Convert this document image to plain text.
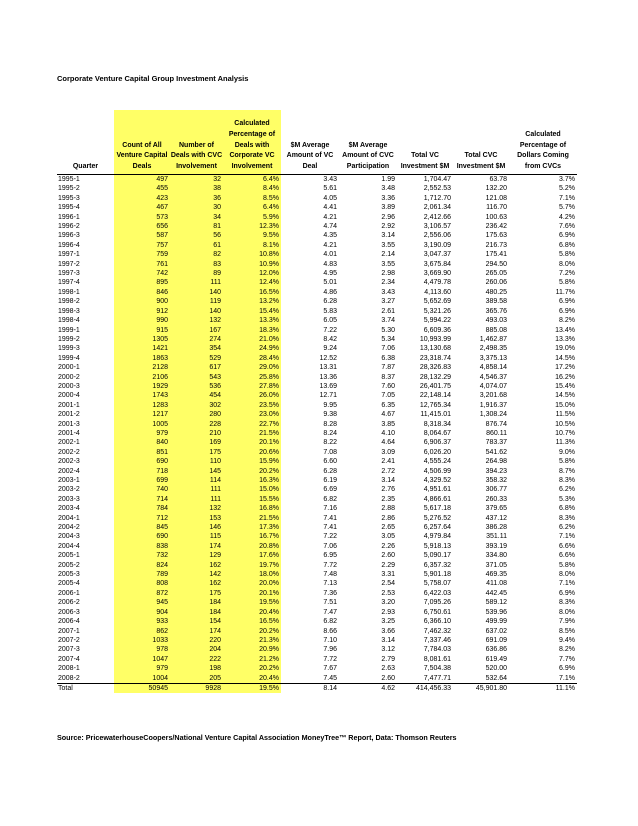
Corporate Venture Capital Group Investment Analysis
Quarter	Count of All Venture Capital Deals	Number of Deals with CVC Involvement	Calculated Percentage of Deals with Corporate VC Involvement	$M Average Amount of VC Deal	$M Average Amount of CVC Participation	Total VC Investment $M	Total CVC Investment $M	Calculated Percentage of Dollars Coming from CVCs
1995-1	497	32	6.4%	3.43	1.99	1,704.47	63.78	3.7%
1995-2	455	38	8.4%	5.61	3.48	2,552.53	132.20	5.2%
1995-3	423	36	8.5%	4.05	3.36	1,712.70	121.08	7.1%
1995-4	467	30	6.4%	4.41	3.89	2,061.34	116.70	5.7%
1996-1	573	34	5.9%	4.21	2.96	2,412.66	100.63	4.2%
1996-2	656	81	12.3%	4.74	2.92	3,106.57	236.42	7.6%
1996-3	587	56	9.5%	4.35	3.14	2,556.06	175.63	6.9%
1996-4	757	61	8.1%	4.21	3.55	3,190.09	216.73	6.8%
1997-1	759	82	10.8%	4.01	2.14	3,047.37	175.41	5.8%
1997-2	761	83	10.9%	4.83	3.55	3,675.84	294.50	8.0%
1997-3	742	89	12.0%	4.95	2.98	3,669.90	265.05	7.2%
1997-4	895	111	12.4%	5.01	2.34	4,479.78	260.06	5.8%
1998-1	846	140	16.5%	4.86	3.43	4,113.60	480.25	11.7%
1998-2	900	119	13.2%	6.28	3.27	5,652.69	389.58	6.9%
1998-3	912	140	15.4%	5.83	2.61	5,321.26	365.76	6.9%
1998-4	990	132	13.3%	6.05	3.74	5,994.22	493.03	8.2%
1999-1	915	167	18.3%	7.22	5.30	6,609.36	885.08	13.4%
1999-2	1305	274	21.0%	8.42	5.34	10,993.99	1,462.87	13.3%
1999-3	1421	354	24.9%	9.24	7.06	13,130.68	2,498.35	19.0%
1999-4	1863	529	28.4%	12.52	6.38	23,318.74	3,375.13	14.5%
2000-1	2128	617	29.0%	13.31	7.87	28,326.83	4,858.14	17.2%
2000-2	2106	543	25.8%	13.36	8.37	28,132.29	4,546.37	16.2%
2000-3	1929	536	27.8%	13.69	7.60	26,401.75	4,074.07	15.4%
2000-4	1743	454	26.0%	12.71	7.05	22,148.14	3,201.68	14.5%
2001-1	1283	302	23.5%	9.95	6.35	12,765.34	1,916.37	15.0%
2001-2	1217	280	23.0%	9.38	4.67	11,415.01	1,308.24	11.5%
2001-3	1005	228	22.7%	8.28	3.85	8,318.34	876.74	10.5%
2001-4	979	210	21.5%	8.24	4.10	8,064.67	860.11	10.7%
2002-1	840	169	20.1%	8.22	4.64	6,906.37	783.37	11.3%
2002-2	851	175	20.6%	7.08	3.09	6,026.20	541.62	9.0%
2002-3	690	110	15.9%	6.60	2.41	4,555.24	264.98	5.8%
2002-4	718	145	20.2%	6.28	2.72	4,506.99	394.23	8.7%
2003-1	699	114	16.3%	6.19	3.14	4,329.52	358.32	8.3%
2003-2	740	111	15.0%	6.69	2.76	4,951.61	306.77	6.2%
2003-3	714	111	15.5%	6.82	2.35	4,866.61	260.33	5.3%
2003-4	784	132	16.8%	7.16	2.88	5,617.18	379.65	6.8%
2004-1	712	153	21.5%	7.41	2.86	5,276.52	437.12	8.3%
2004-2	845	146	17.3%	7.41	2.65	6,257.64	386.28	6.2%
2004-3	690	115	16.7%	7.22	3.05	4,979.84	351.11	7.1%
2004-4	838	174	20.8%	7.06	2.26	5,918.13	393.19	6.6%
2005-1	732	129	17.6%	6.95	2.60	5,090.17	334.80	6.6%
2005-2	824	162	19.7%	7.72	2.29	6,357.32	371.05	5.8%
2005-3	789	142	18.0%	7.48	3.31	5,901.18	469.35	8.0%
2005-4	808	162	20.0%	7.13	2.54	5,758.07	411.08	7.1%
2006-1	872	175	20.1%	7.36	2.53	6,422.03	442.45	6.9%
2006-2	945	184	19.5%	7.51	3.20	7,095.26	589.12	8.3%
2006-3	904	184	20.4%	7.47	2.93	6,750.61	539.96	8.0%
2006-4	933	154	16.5%	6.82	3.25	6,366.10	499.99	7.9%
2007-1	862	174	20.2%	8.66	3.66	7,462.32	637.02	8.5%
2007-2	1033	220	21.3%	7.10	3.14	7,337.46	691.09	9.4%
2007-3	978	204	20.9%	7.96	3.12	7,784.03	636.86	8.2%
2007-4	1047	222	21.2%	7.72	2.79	8,081.61	619.49	7.7%
2008-1	979	198	20.2%	7.67	2.63	7,504.38	520.00	6.9%
2008-2	1004	205	20.4%	7.45	2.60	7,477.71	532.64	7.1%
Total	50945	9928	19.5%	8.14	4.62	414,456.33	45,901.80	11.1%
Source: PricewaterhouseCoopers/National Venture Capital Association MoneyTree™ Report, Data: Thomson Reuters
